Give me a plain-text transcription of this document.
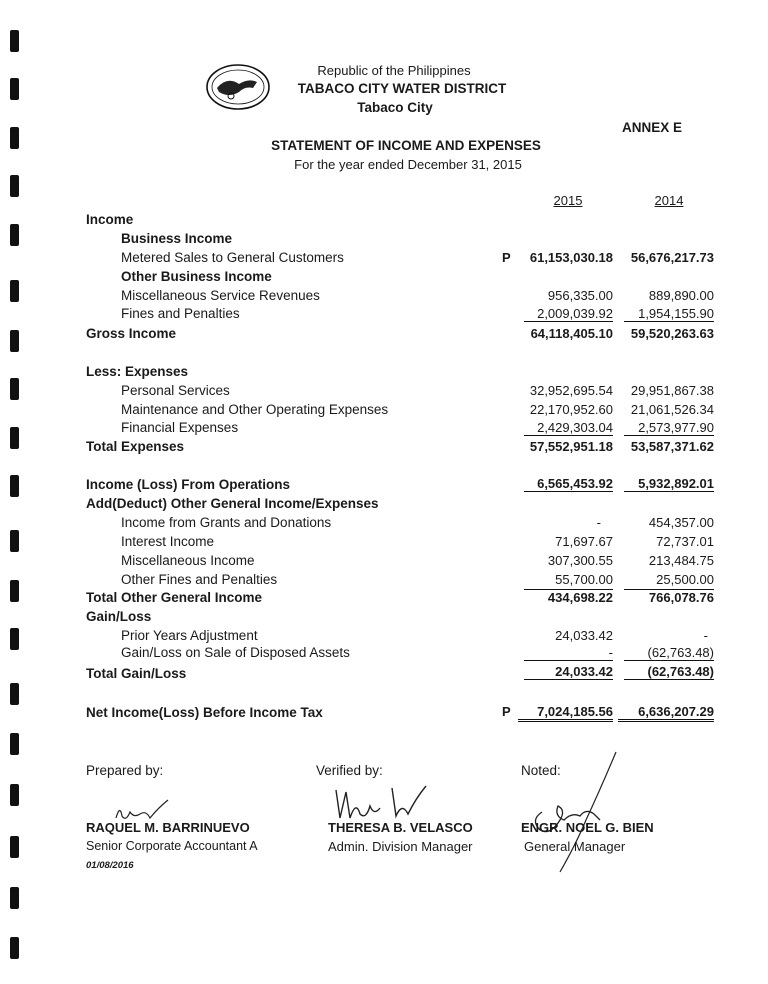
Republic of the Philippines
TABACO CITY WATER DISTRICT
Tabaco City
ANNEX E
STATEMENT OF INCOME AND EXPENSES
For the year ended December 31, 2015
2015	2014
Income
Business Income
Metered Sales to General Customers	P	61,153,030.18	56,676,217.73
Other Business Income
Miscellaneous Service Revenues	956,335.00	889,890.00
Fines and Penalties	2,009,039.92	1,954,155.90
Gross Income	64,118,405.10	59,520,263.63
Less: Expenses
Personal Services	32,952,695.54	29,951,867.38
Maintenance and Other Operating Expenses	22,170,952.60	21,061,526.34
Financial Expenses	2,429,303.04	2,573,977.90
Total Expenses	57,552,951.18	53,587,371.62
Income (Loss) From Operations	6,565,453.92	5,932,892.01
Add(Deduct) Other General Income/Expenses
Income from Grants and Donations	-	454,357.00
Interest Income	71,697.67	72,737.01
Miscellaneous Income	307,300.55	213,484.75
Other Fines and Penalties	55,700.00	25,500.00
Total Other General Income	434,698.22	766,078.76
Gain/Loss
Prior Years Adjustment	24,033.42	-
Gain/Loss on Sale of Disposed Assets	-	(62,763.48)
Total Gain/Loss	24,033.42	(62,763.48)
Net Income(Loss) Before Income Tax	P	7,024,185.56	6,636,207.29
Prepared by:
RAQUEL M. BARRINUEVO
Senior Corporate Accountant A
01/08/2016
Verified by:
THERESA B. VELASCO
Admin. Division Manager
Noted:
ENGR. NOEL G. BIEN
General Manager
